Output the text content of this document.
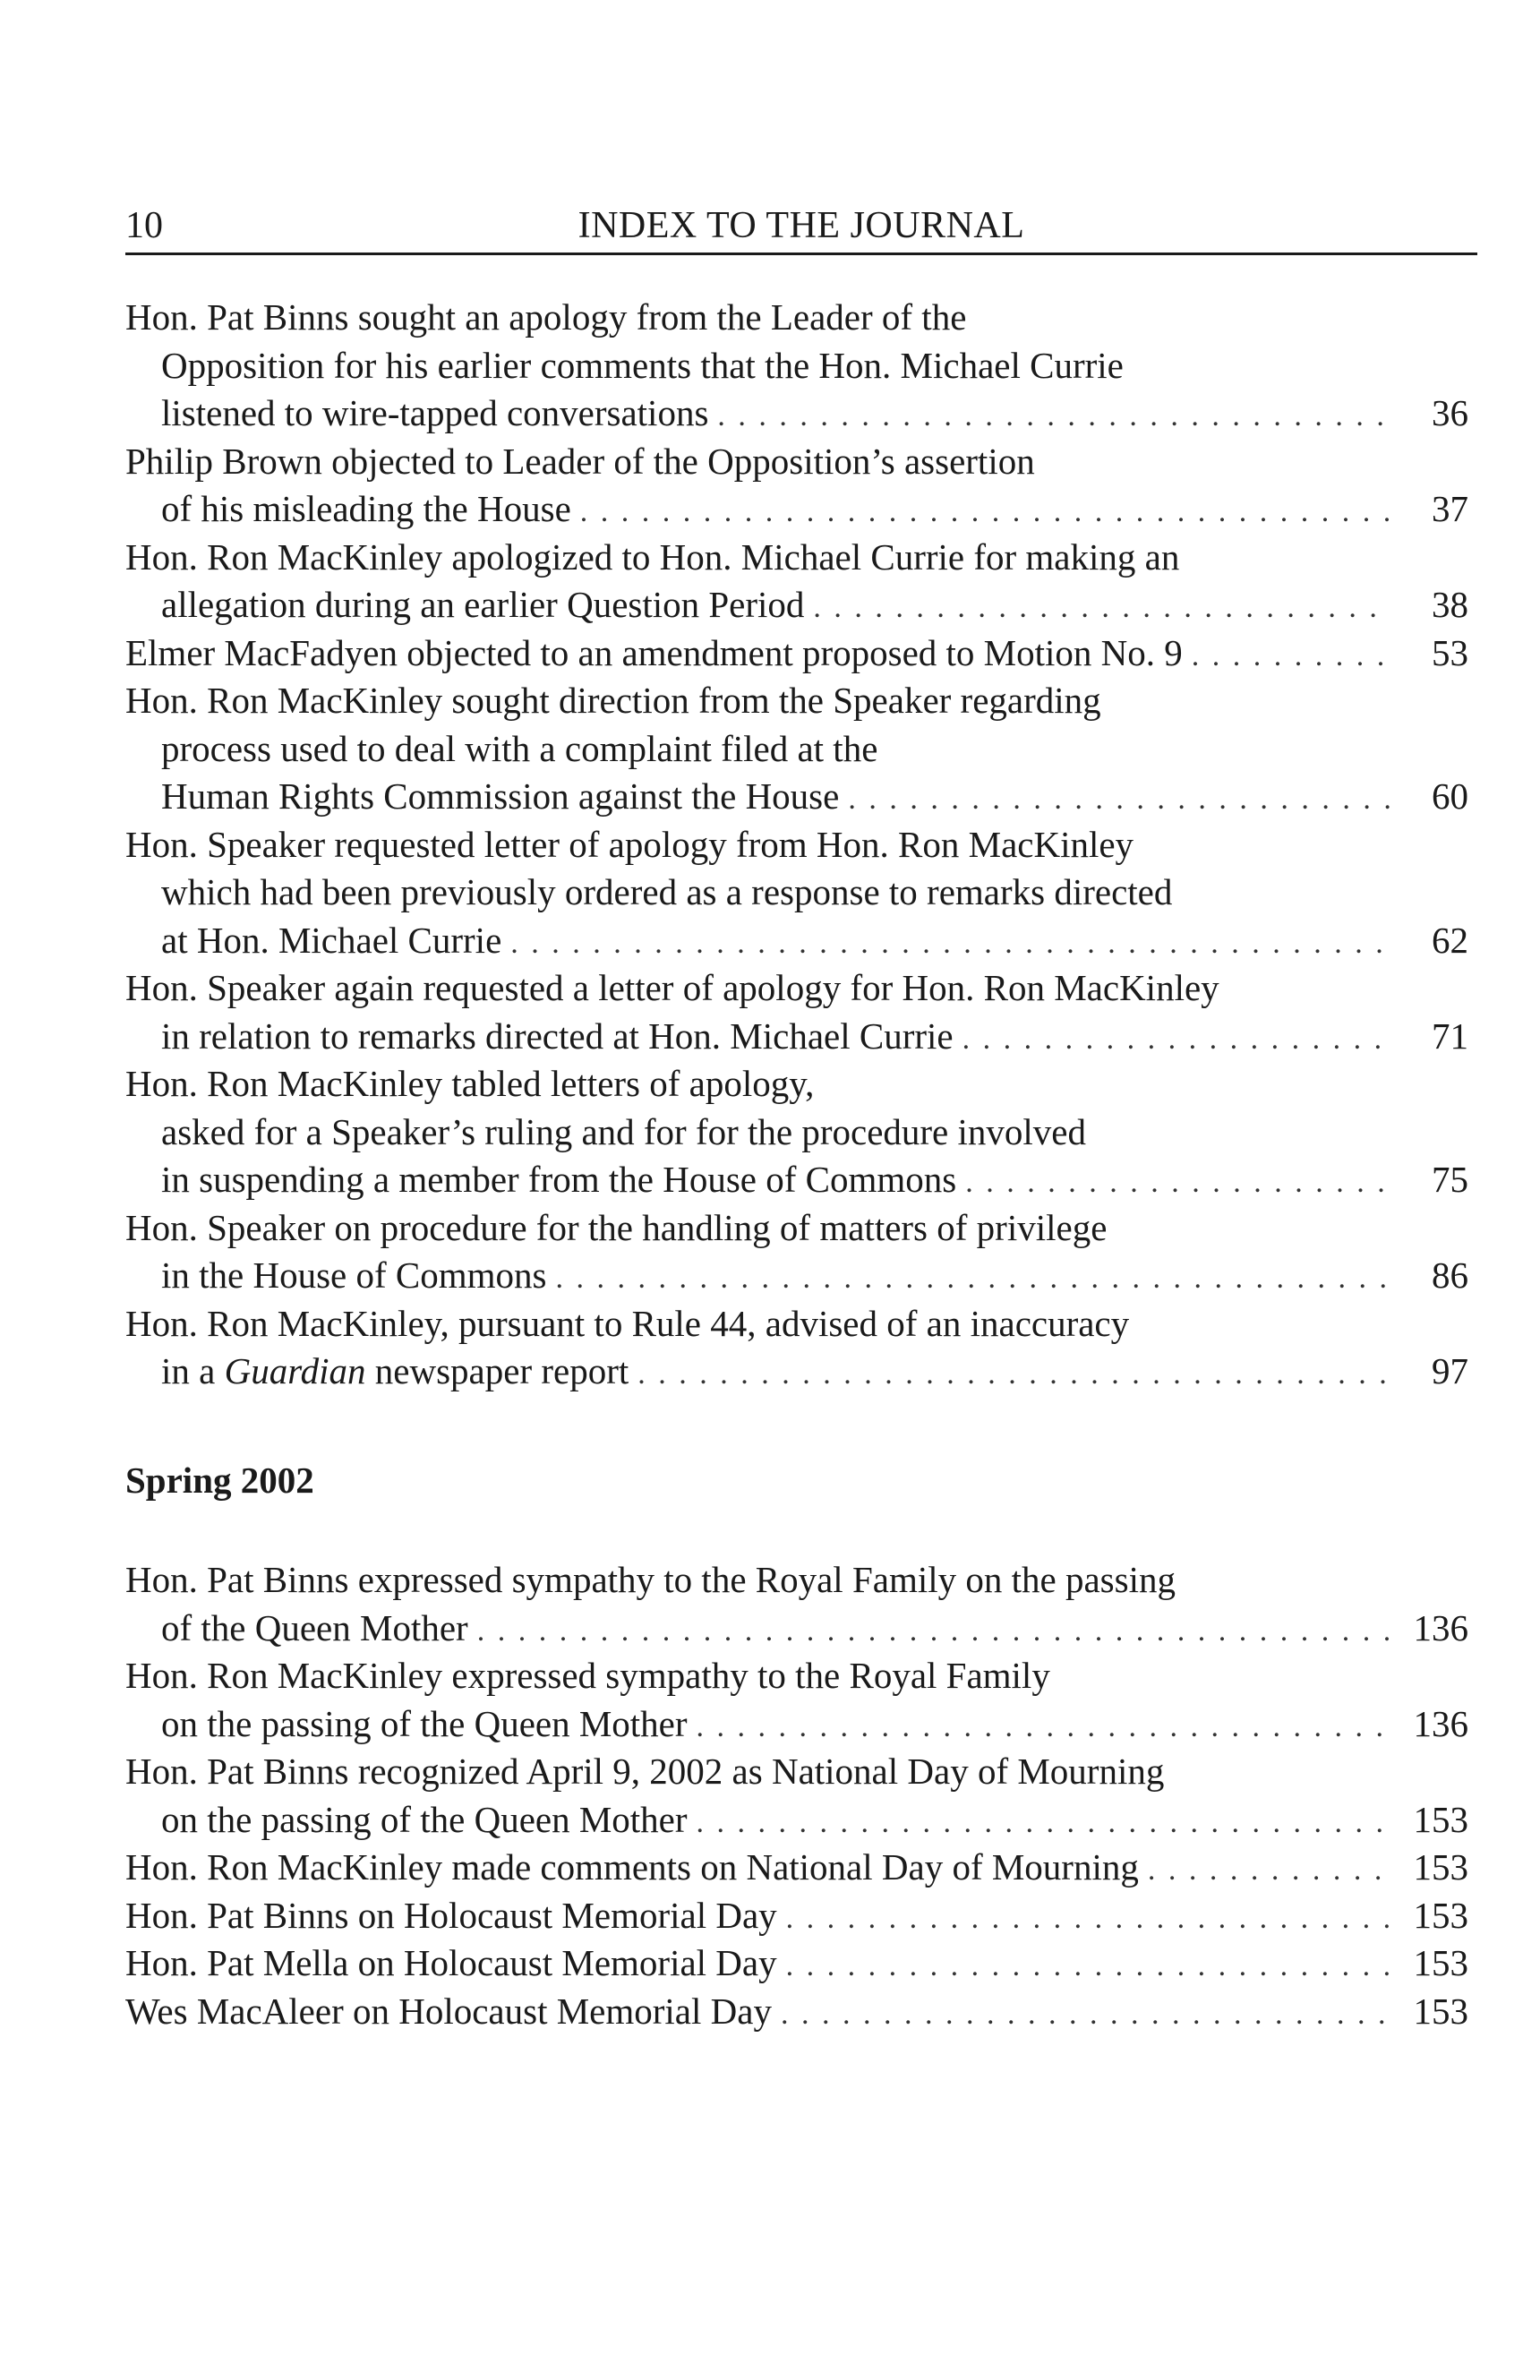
10	INDEX TO THE JOURNAL
Hon. Pat Binns sought an apology from the Leader of the
Opposition for his earlier comments that the Hon. Michael Currie
listened to wire-tapped conversations . . .	36
Philip Brown objected to Leader of the Opposition’s assertion
of his misleading the House . . .	37
Hon. Ron MacKinley apologized to Hon. Michael Currie for making an
allegation during an earlier Question Period . . .	38
Elmer MacFadyen objected to an amendment proposed to Motion No. 9 . . .	53
Hon. Ron MacKinley sought direction from the Speaker regarding
process used to deal with a complaint filed at the
Human Rights Commission against the House . . .	60
Hon. Speaker requested letter of apology from Hon. Ron MacKinley
which had been previously ordered as a response to remarks directed
at Hon. Michael Currie . . .	62
Hon. Speaker again requested a letter of apology for Hon. Ron MacKinley
in relation to remarks directed at Hon. Michael Currie . . .	71
Hon. Ron MacKinley tabled letters of apology,
asked for a Speaker’s ruling and for for the procedure involved
in suspending a member from the House of Commons . . .	75
Hon. Speaker on procedure for the handling of matters of privilege
in the House of Commons . . .	86
Hon. Ron MacKinley, pursuant to Rule 44, advised of an inaccuracy
in a Guardian newspaper report . . .	97
Spring 2002
Hon. Pat Binns expressed sympathy to the Royal Family on the passing
of the Queen Mother . . .	136
Hon. Ron MacKinley expressed sympathy to the Royal Family
on the passing of the Queen Mother . . .	136
Hon. Pat Binns recognized April 9, 2002 as National Day of Mourning
on the passing of the Queen Mother . . .	153
Hon. Ron MacKinley made comments on National Day of Mourning . . .	153
Hon. Pat Binns on Holocaust Memorial Day . . .	153
Hon. Pat Mella on Holocaust Memorial Day . . .	153
Wes MacAleer on Holocaust Memorial Day . . .	153
